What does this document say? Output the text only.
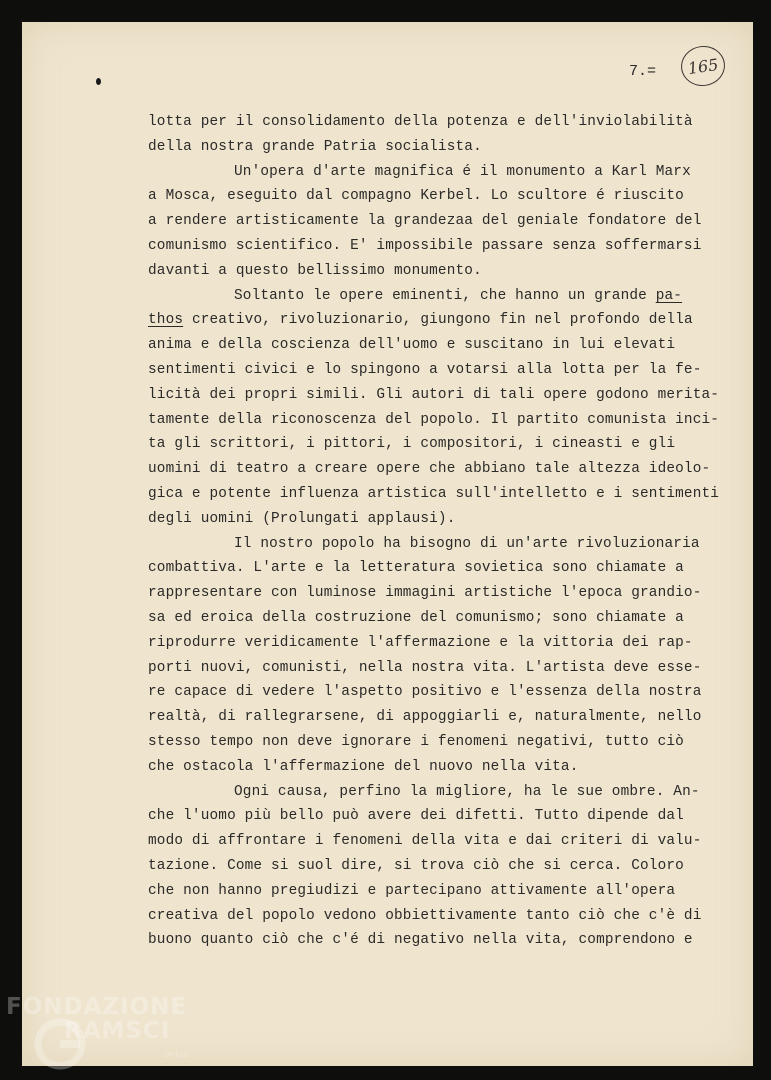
7.=	165
lotta per il consolidamento della potenza e dell'inviolabilità
della nostra grande Patria socialista.
Un'opera d'arte magnifica é il monumento a Karl Marx
a Mosca, eseguito dal compagno Kerbel. Lo scultore é riuscito
a rendere artisticamente la grandezaa del geniale fondatore del
comunismo scientifico. E' impossibile passare senza soffermarsi
davanti a questo bellissimo monumento.
Soltanto le opere eminenti, che hanno un grande pa-
thos creativo, rivoluzionario, giungono fin nel profondo della
anima e della coscienza dell'uomo e suscitano in lui elevati
sentimenti civici e lo spingono a votarsi alla lotta per la fe-
licità dei propri simili. Gli autori di tali opere godono merita-
tamente della riconoscenza del popolo. Il partito comunista inci-
ta gli scrittori, i pittori, i compositori, i cineasti e gli
uomini di teatro a creare opere che abbiano tale altezza ideolo-
gica e potente influenza artistica sull'intelletto e i sentimenti
degli uomini (Prolungati applausi).
Il nostro popolo ha bisogno di un'arte rivoluzionaria
combattiva. L'arte e la letteratura sovietica sono chiamate a
rappresentare con luminose immagini artistiche l'epoca grandio-
sa ed eroica della costruzione del comunismo; sono chiamate a
riprodurre veridicamente l'affermazione e la vittoria dei rap-
porti nuovi, comunisti, nella nostra vita. L'artista deve esse-
re capace di vedere l'aspetto positivo e l'essenza della nostra
realtà, di rallegrarsene, di appoggiarli e, naturalmente, nello
stesso tempo non deve ignorare i fenomeni negativi, tutto ciò
che ostacola l'affermazione del nuovo nella vita.
Ogni causa, perfino la migliore, ha le sue ombre. An-
che l'uomo più bello può avere dei difetti. Tutto dipende dal
modo di affrontare i fenomeni della vita e dai criteri di valu-
tazione. Come si suol dire, si trova ciò che si cerca. Coloro
che non hanno pregiudizi e partecipano attivamente all'opera
creativa del popolo vedono obbiettivamente tanto ciò che c'è di
buono quanto ciò che c'é di negativo nella vita, comprendono e
FONDAZIONE
RAMSCI
onlus
